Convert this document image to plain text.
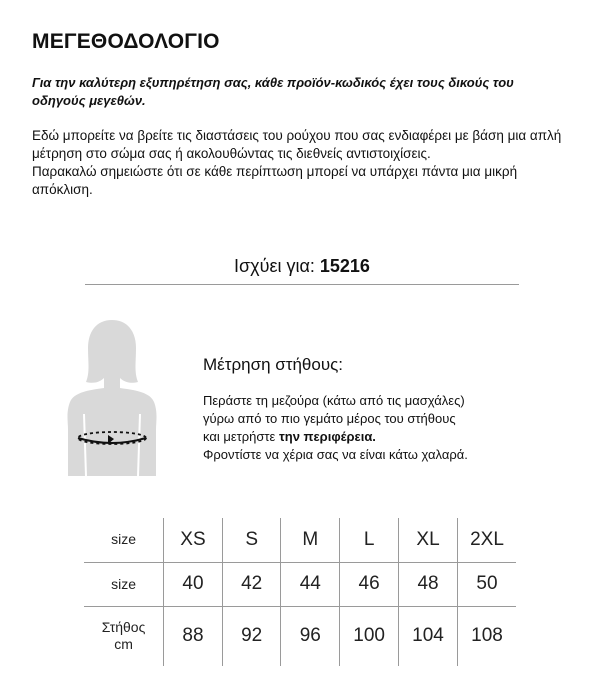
ΜΕΓΕΘΟΔΟΛΟΓΙΟ
Για την καλύτερη εξυπηρέτηση σας, κάθε προϊόν-κωδικός έχει τους δικούς του οδηγούς μεγεθών.

Εδώ μπορείτε να βρείτε τις διαστάσεις του ρούχου που σας ενδιαφέρει με βάση μια απλή μέτρηση στο σώμα σας ή ακολουθώντας τις διεθνείς αντιστοιχίσεις.

Παρακαλώ σημειώστε ότι σε κάθε περίπτωση μπορεί να υπάρχει πάντα μια μικρή απόκλιση.

Ισχύει για: 15216
Μέτρηση στήθους:
Περάστε τη μεζούρα (κάτω από τις μασχάλες)
γύρω από το πιο γεμάτο μέρος του στήθους
και μετρήστε την περιφέρεια.
Φροντίστε να χέρια σας να είναι κάτω χαλαρά.
size	XS	S	M	L	XL	2XL
size	40	42	44	46	48	50
Στήθος
cm	88	92	96	100	104	108
